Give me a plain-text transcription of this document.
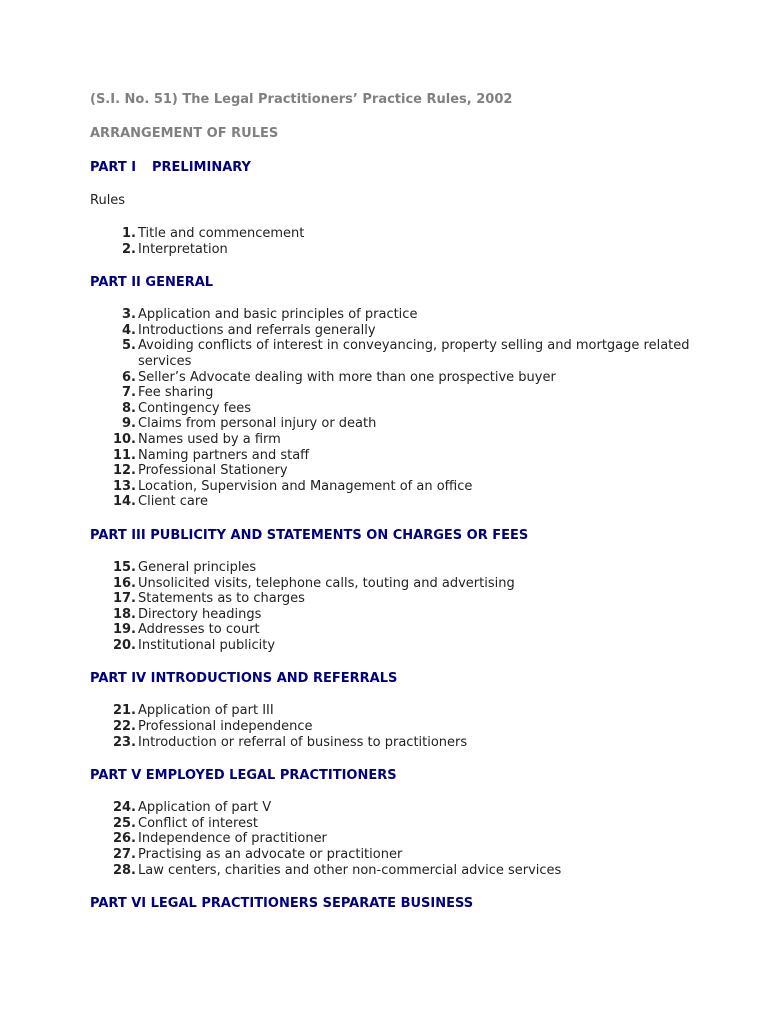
(S.I. No. 51) The Legal Practitioners’ Practice Rules, 2002
ARRANGEMENT OF RULES
PART I PRELIMINARY
Rules
1. Title and commencement
2. Interpretation
PART II GENERAL
3. Application and basic principles of practice
4. Introductions and referrals generally
5. Avoiding conflicts of interest in conveyancing, property selling and mortgage related services
6. Seller’s Advocate dealing with more than one prospective buyer
7. Fee sharing
8. Contingency fees
9. Claims from personal injury or death
10. Names used by a firm
11. Naming partners and staff
12. Professional Stationery
13. Location, Supervision and Management of an office
14. Client care
PART III PUBLICITY AND STATEMENTS ON CHARGES OR FEES
15. General principles
16. Unsolicited visits, telephone calls, touting and advertising
17. Statements as to charges
18. Directory headings
19. Addresses to court
20. Institutional publicity
PART IV INTRODUCTIONS AND REFERRALS
21. Application of part III
22. Professional independence
23. Introduction or referral of business to practitioners
PART V EMPLOYED LEGAL PRACTITIONERS
24. Application of part V
25. Conflict of interest
26. Independence of practitioner
27. Practising as an advocate or practitioner
28. Law centers, charities and other non-commercial advice services
PART VI LEGAL PRACTITIONERS SEPARATE BUSINESS
